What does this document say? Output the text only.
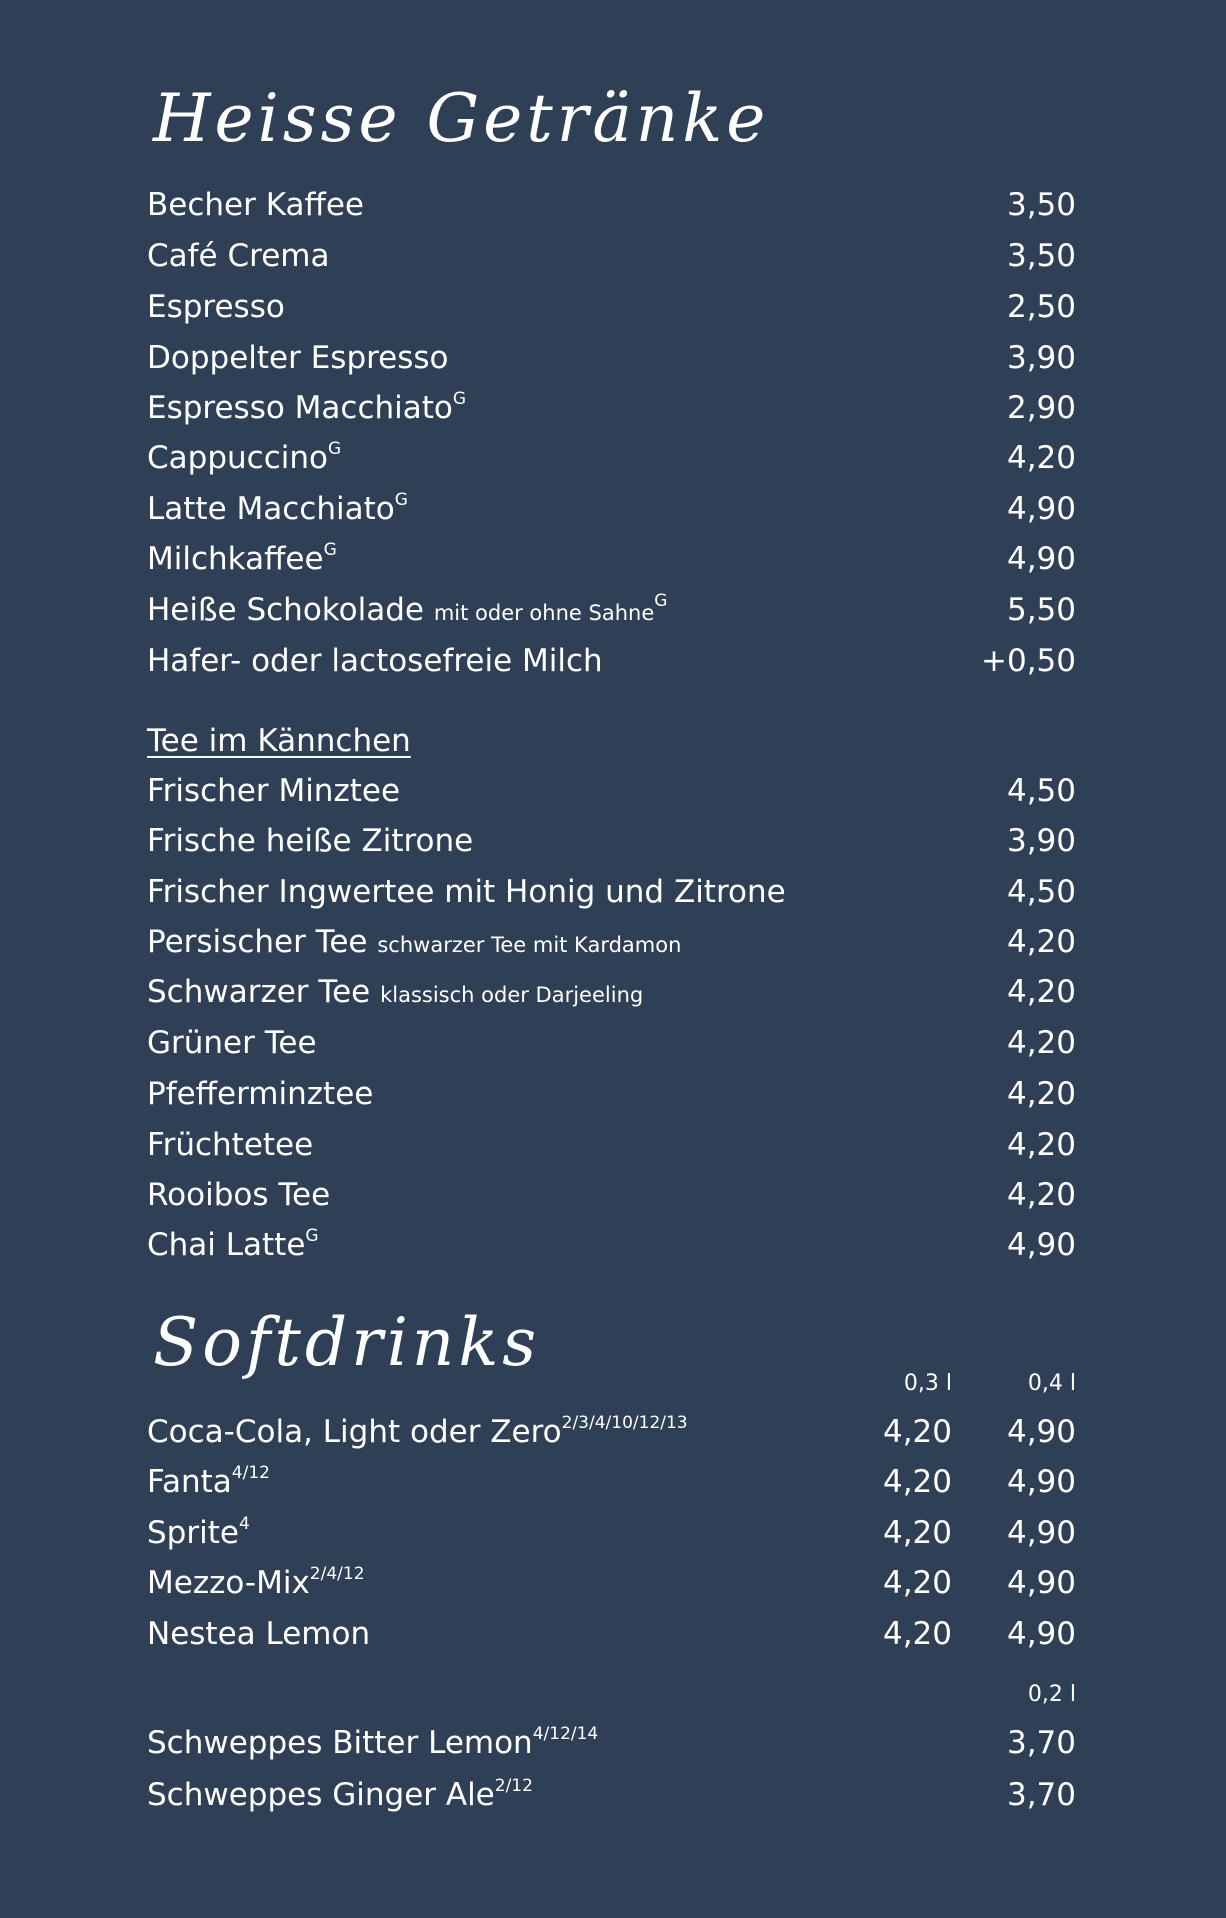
Heisse Getränke
Becher Kaffee	3,50
Café Crema	3,50
Espresso	2,50
Doppelter Espresso	3,90
Espresso Macchiato$^G$	2,90
Cappuccino$^G$	4,20
Latte Macchiato$^G$	4,90
Milchkaffee$^G$	4,90
Heiße Schokolade mit oder ohne Sahne$^G$	5,50
Hafer- oder lactosefreie Milch	+0,50
Tee im Kännchen
Frischer Minztee	4,50
Frische heiße Zitrone	3,90
Frischer Ingwertee mit Honig und Zitrone	4,50
Persischer Tee schwarzer Tee mit Kardamon	4,20
Schwarzer Tee klassisch oder Darjeeling	4,20
Grüner Tee	4,20
Pfefferminztee	4,20
Früchtetee	4,20
Rooibos Tee	4,20
Chai Latte$^G$	4,90
Softdrinks
0,3 l	0,4 l
Coca-Cola, Light oder Zero$^{2/3/4/10/12/13}$	4,20 4,90
Fanta$^{4/12}$	4,20 4,90
Sprite$^4$	4,20 4,90
Mezzo-Mix$^{2/4/12}$	4,20 4,90
Nestea Lemon	4,20 4,90
0,2 l
Schweppes Bitter Lemon$^{4/12/14}$	3,70
Schweppes Ginger Ale$^{2/12}$	3,70
